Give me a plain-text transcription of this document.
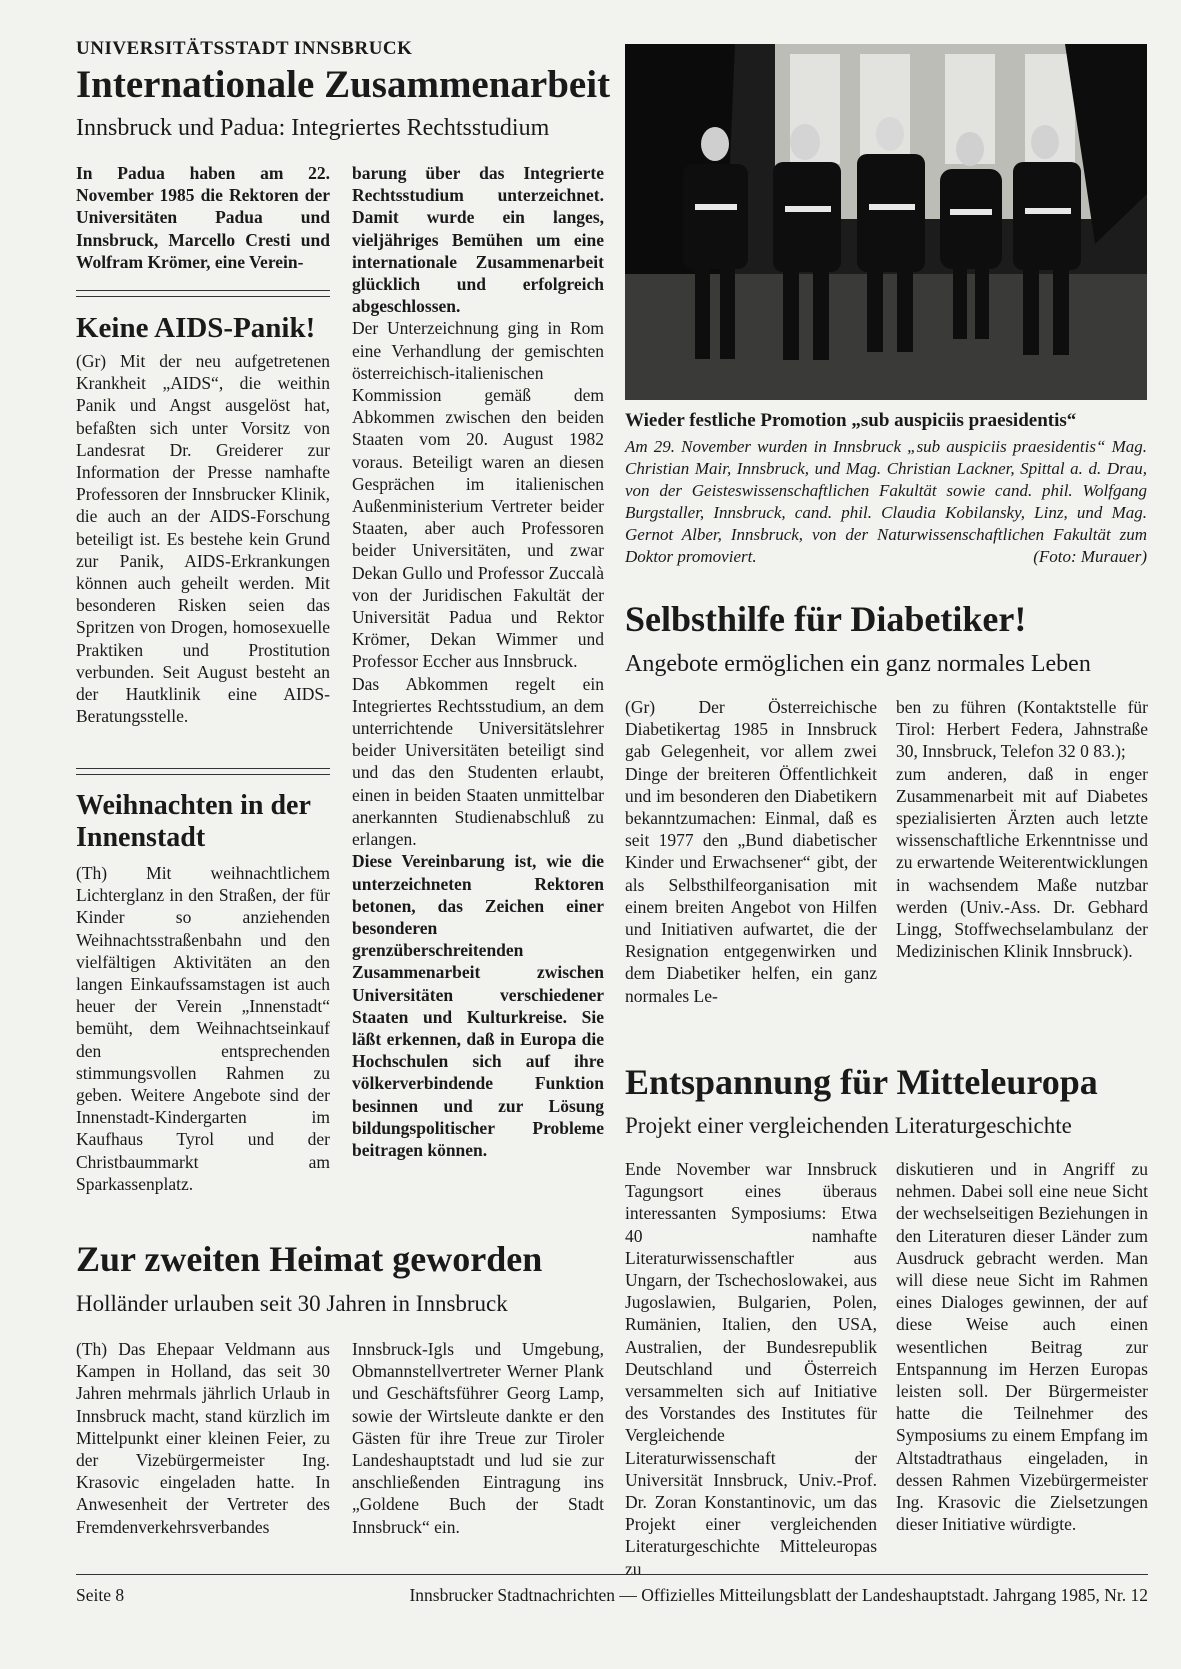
UNIVERSITÄTSSTADT INNSBRUCK
Internationale Zusammenarbeit
Innsbruck und Padua: Integriertes Rechtsstudium
In Padua haben am 22. November 1985 die Rektoren der Universitäten Padua und Innsbruck, Marcello Cresti und Wolfram Krömer, eine Verein-
Keine AIDS-Panik!
(Gr) Mit der neu aufgetretenen Krankheit „AIDS“, die weithin Panik und Angst ausgelöst hat, befaßten sich unter Vorsitz von Landesrat Dr. Greiderer zur Information der Presse namhafte Professoren der Innsbrucker Klinik, die auch an der AIDS-Forschung beteiligt ist. Es bestehe kein Grund zur Panik, AIDS-Erkrankungen können auch geheilt werden. Mit besonderen Risken seien das Spritzen von Drogen, homosexuelle Praktiken und Prostitution verbunden. Seit August besteht an der Hautklinik eine AIDS-Beratungsstelle.
Weihnachten in der Innenstadt
(Th) Mit weihnachtlichem Lichterglanz in den Straßen, der für Kinder so anziehenden Weihnachtsstraßenbahn und den vielfältigen Aktivitäten an den langen Einkaufssamstagen ist auch heuer der Verein „Innenstadt“ bemüht, dem Weihnachtseinkauf den entsprechenden stimmungsvollen Rahmen zu geben. Weitere Angebote sind der Innenstadt-Kindergarten im Kaufhaus Tyrol und der Christbaummarkt am Sparkassenplatz.

barung über das Integrierte Rechtsstudium unterzeichnet. Damit wurde ein langes, vieljähriges Bemühen um eine internationale Zusammenarbeit glücklich und erfolgreich abgeschlossen.

Der Unterzeichnung ging in Rom eine Verhandlung der gemischten österreichisch-italienischen Kommission gemäß dem Abkommen zwischen den beiden Staaten vom 20. August 1982 voraus. Beteiligt waren an diesen Gesprächen im italienischen Außenministerium Vertreter beider Staaten, aber auch Professoren beider Universitäten, und zwar Dekan Gullo und Professor Zuccalà von der Juridischen Fakultät der Universität Padua und Rektor Krömer, Dekan Wimmer und Professor Eccher aus Innsbruck.

Das Abkommen regelt ein Integriertes Rechtsstudium, an dem unterrichtende Universitätslehrer beider Universitäten beteiligt sind und das den Studenten erlaubt, einen in beiden Staaten unmittelbar anerkannten Studienabschluß zu erlangen.

Diese Vereinbarung ist, wie die unterzeichneten Rektoren betonen, das Zeichen einer besonderen grenzüberschreitenden Zusammenarbeit zwischen Universitäten verschiedener Staaten und Kulturkreise. Sie läßt erkennen, daß in Europa die Hochschulen sich auf ihre völkerverbindende Funktion besinnen und zur Lösung bildungspolitischer Probleme beitragen können.

Wieder festliche Promotion „sub auspiciis praesidentis“
Am 29. November wurden in Innsbruck „sub auspiciis praesidentis“ Mag. Christian Mair, Innsbruck, und Mag. Christian Lackner, Spittal a. d. Drau, von der Geisteswissenschaftlichen Fakultät sowie cand. phil. Wolfgang Burgstaller, Innsbruck, cand. phil. Claudia Kobilansky, Linz, und Mag. Gernot Alber, Innsbruck, von der Naturwissenschaftlichen Fakultät zum Doktor promoviert.	(Foto: Murauer)
Selbsthilfe für Diabetiker!
Angebote ermöglichen ein ganz normales Leben
(Gr) Der Österreichische Diabetikertag 1985 in Innsbruck gab Gelegenheit, vor allem zwei Dinge der breiteren Öffentlichkeit und im besonderen den Diabetikern bekanntzumachen: Einmal, daß es seit 1977 den „Bund diabetischer Kinder und Erwachsener“ gibt, der als Selbsthilfeorganisation mit einem breiten Angebot von Hilfen und Initiativen aufwartet, die der Resignation entgegenwirken und dem Diabetiker helfen, ein ganz normales Le-

ben zu führen (Kontaktstelle für Tirol: Herbert Federa, Jahnstraße 30, Innsbruck, Telefon 32 0 83.);

zum anderen, daß in enger Zusammenarbeit mit auf Diabetes spezialisierten Ärzten auch letzte wissenschaftliche Erkenntnisse und zu erwartende Weiterentwicklungen in wachsendem Maße nutzbar werden (Univ.-Ass. Dr. Gebhard Lingg, Stoffwechselambulanz der Medizinischen Klinik Innsbruck).

Entspannung für Mitteleuropa
Projekt einer vergleichenden Literaturgeschichte
Ende November war Innsbruck Tagungsort eines überaus interessanten Symposiums: Etwa 40 namhafte Literaturwissenschaftler aus Ungarn, der Tschechoslowakei, aus Jugoslawien, Bulgarien, Polen, Rumänien, Italien, den USA, Australien, der Bundesrepublik Deutschland und Österreich versammelten sich auf Initiative des Vorstandes des Institutes für Vergleichende Literaturwissenschaft der Universität Innsbruck, Univ.-Prof. Dr. Zoran Konstantinovic, um das Projekt einer vergleichenden Literaturgeschichte Mitteleuropas zu
diskutieren und in Angriff zu nehmen. Dabei soll eine neue Sicht der wechselseitigen Beziehungen in den Literaturen dieser Länder zum Ausdruck gebracht werden. Man will diese neue Sicht im Rahmen eines Dialoges gewinnen, der auf diese Weise auch einen wesentlichen Beitrag zur Entspannung im Herzen Europas leisten soll. Der Bürgermeister hatte die Teilnehmer des Symposiums zu einem Empfang im Altstadtrathaus eingeladen, in dessen Rahmen Vizebürgermeister Ing. Krasovic die Zielsetzungen dieser Initiative würdigte.
Zur zweiten Heimat geworden
Holländer urlauben seit 30 Jahren in Innsbruck
(Th) Das Ehepaar Veldmann aus Kampen in Holland, das seit 30 Jahren mehrmals jährlich Urlaub in Innsbruck macht, stand kürzlich im Mittelpunkt einer kleinen Feier, zu der Vizebürgermeister Ing. Krasovic eingeladen hatte. In Anwesenheit der Vertreter des Fremdenverkehrsverbandes
Innsbruck-Igls und Umgebung, Obmannstellvertreter Werner Plank und Geschäftsführer Georg Lamp, sowie der Wirtsleute dankte er den Gästen für ihre Treue zur Tiroler Landeshauptstadt und lud sie zur anschließenden Eintragung ins „Goldene Buch der Stadt Innsbruck“ ein.
Seite 8	Innsbrucker Stadtnachrichten — Offizielles Mitteilungsblatt der Landeshauptstadt. Jahrgang 1985, Nr. 12
